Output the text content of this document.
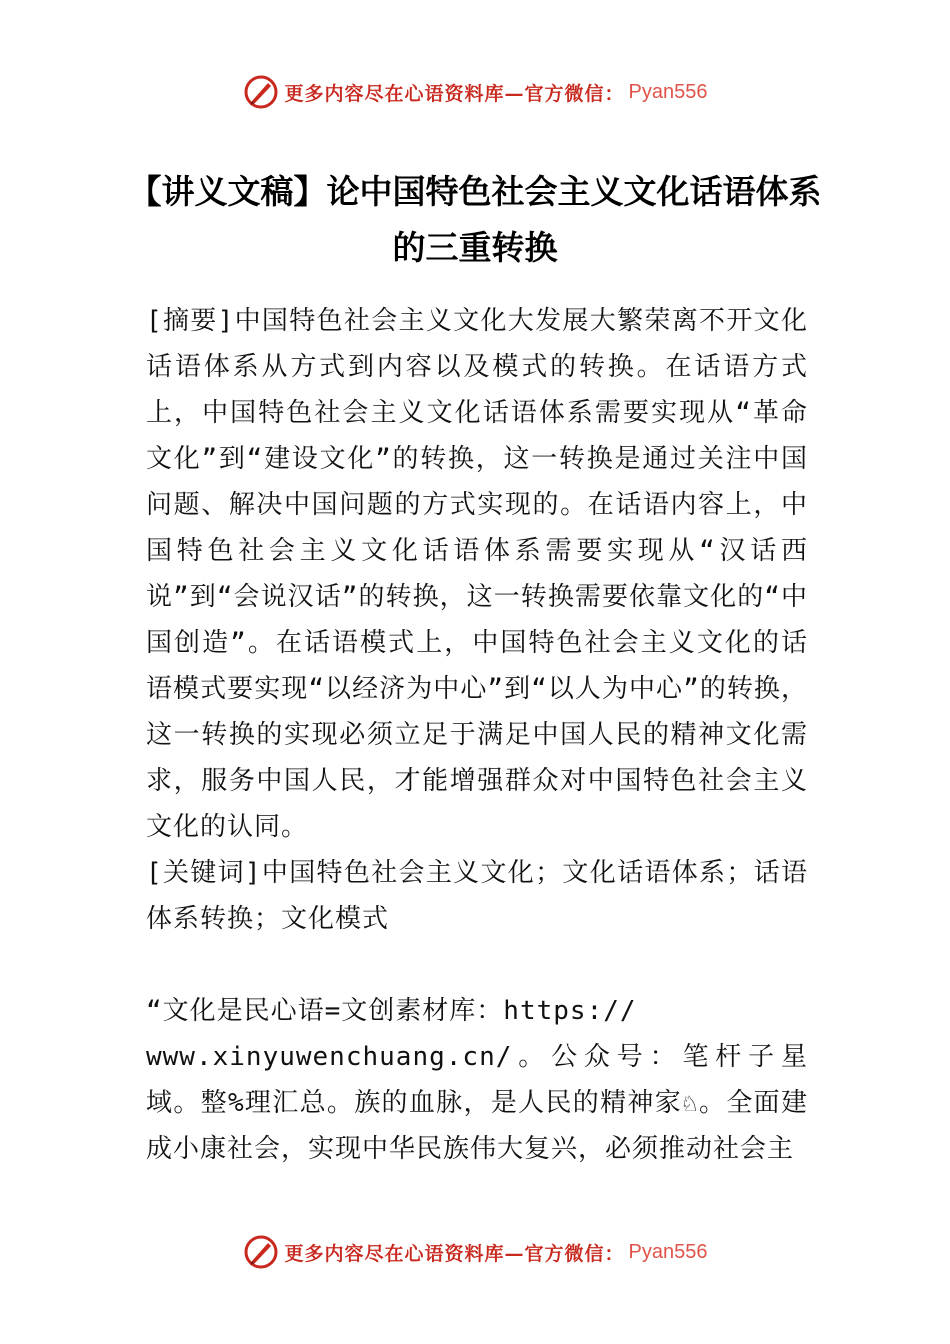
更多内容尽在心语资料库—官方微信： Pyan556
【讲义文稿】论中国特色社会主义文化话语体系的三重转换

[摘要]中国特色社会主义文化大发展大繁荣离不开文化话语体系从方式到内容以及模式的转换。在话语方式上，中国特色社会主义文化话语体系需要实现从“革命文化”到“建设文化”的转换，这一转换是通过关注中国问题、解决中国问题的方式实现的。在话语内容上，中国特色社会主义文化话语体系需要实现从“汉话西说”到“会说汉话”的转换，这一转换需要依靠文化的“中国创造”。在话语模式上，中国特色社会主义文化的话语模式要实现“以经济为中心”到“以人为中心”的转换，这一转换的实现必须立足于满足中国人民的精神文化需求，服务中国人民，才能增强群众对中国特色社会主义文化的认同。

[关键词]中国特色社会主义文化；文化话语体系；话语体系转换；文化模式

“文化是民心语=文创素材库：https://

www.xinyuwenchuang.cn/。公众号：笔杆子星域。整%理汇总。族的血脉，是人民的精神家♘。全面建成小康社会，实现中华民族伟大复兴，必须推动社会主

更多内容尽在心语资料库—官方微信： Pyan556
